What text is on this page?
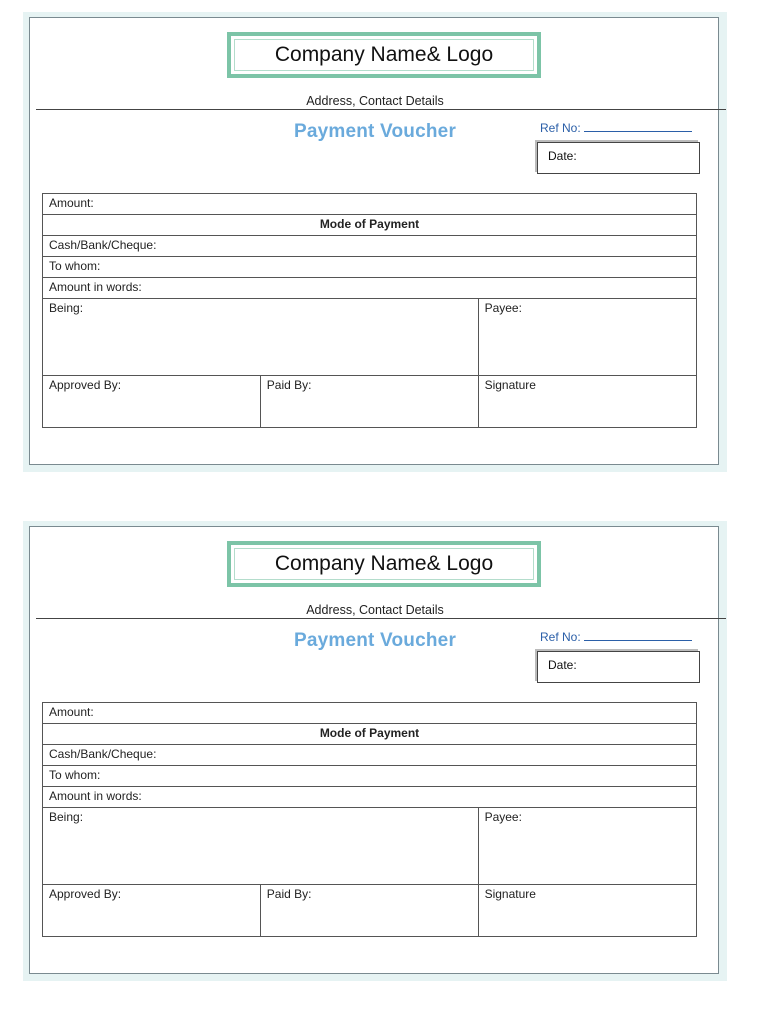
Company Name& Logo
Address, Contact Details
Payment Voucher	Ref No:
Date:
Amount:		
Mode of Payment		
Cash/Bank/Cheque:		
To whom:		
Amount in words:		
Being:		Payee:
Approved By:	Paid By:	Signature
Company Name& Logo
Address, Contact Details
Payment Voucher	Ref No:
Date:
Amount:		
Mode of Payment		
Cash/Bank/Cheque:		
To whom:		
Amount in words:		
Being:		Payee:
Approved By:	Paid By:	Signature
